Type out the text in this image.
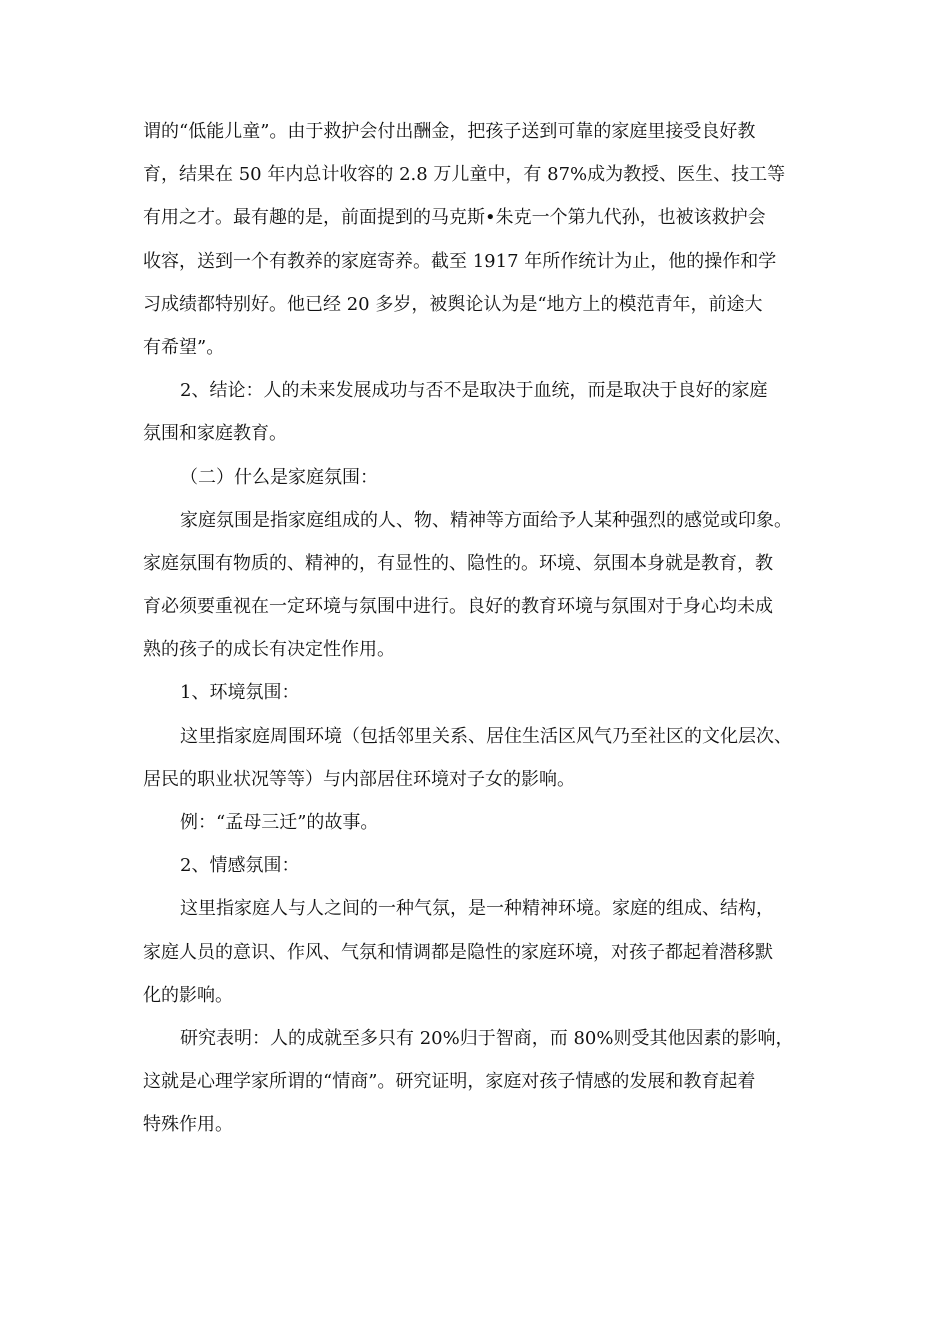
谓的“低能儿童”。由于救护会付出酬金，把孩子送到可靠的家庭里接受良好教
育，结果在 50 年内总计收容的 2.8 万儿童中，有 87%成为教授、医生、技工等
有用之才。最有趣的是，前面提到的马克斯•朱克一个第九代孙，也被该救护会
收容，送到一个有教养的家庭寄养。截至 1917 年所作统计为止，他的操作和学
习成绩都特别好。他已经 20 多岁，被舆论认为是“地方上的模范青年，前途大
有希望”。

2、结论：人的未来发展成功与否不是取决于血统，而是取决于良好的家庭
氛围和家庭教育。

（二）什么是家庭氛围：

家庭氛围是指家庭组成的人、物、精神等方面给予人某种强烈的感觉或印象。
家庭氛围有物质的、精神的，有显性的、隐性的。环境、氛围本身就是教育，教
育必须要重视在一定环境与氛围中进行。良好的教育环境与氛围对于身心均未成
熟的孩子的成长有决定性作用。

1、环境氛围：

这里指家庭周围环境（包括邻里关系、居住生活区风气乃至社区的文化层次、
居民的职业状况等等）与内部居住环境对子女的影响。

例：“孟母三迁”的故事。

2、情感氛围：

这里指家庭人与人之间的一种气氛，是一种精神环境。家庭的组成、结构，
家庭人员的意识、作风、气氛和情调都是隐性的家庭环境，对孩子都起着潜移默
化的影响。

研究表明：人的成就至多只有 20%归于智商，而 80%则受其他因素的影响，
这就是心理学家所谓的“情商”。研究证明，家庭对孩子情感的发展和教育起着
特殊作用。
